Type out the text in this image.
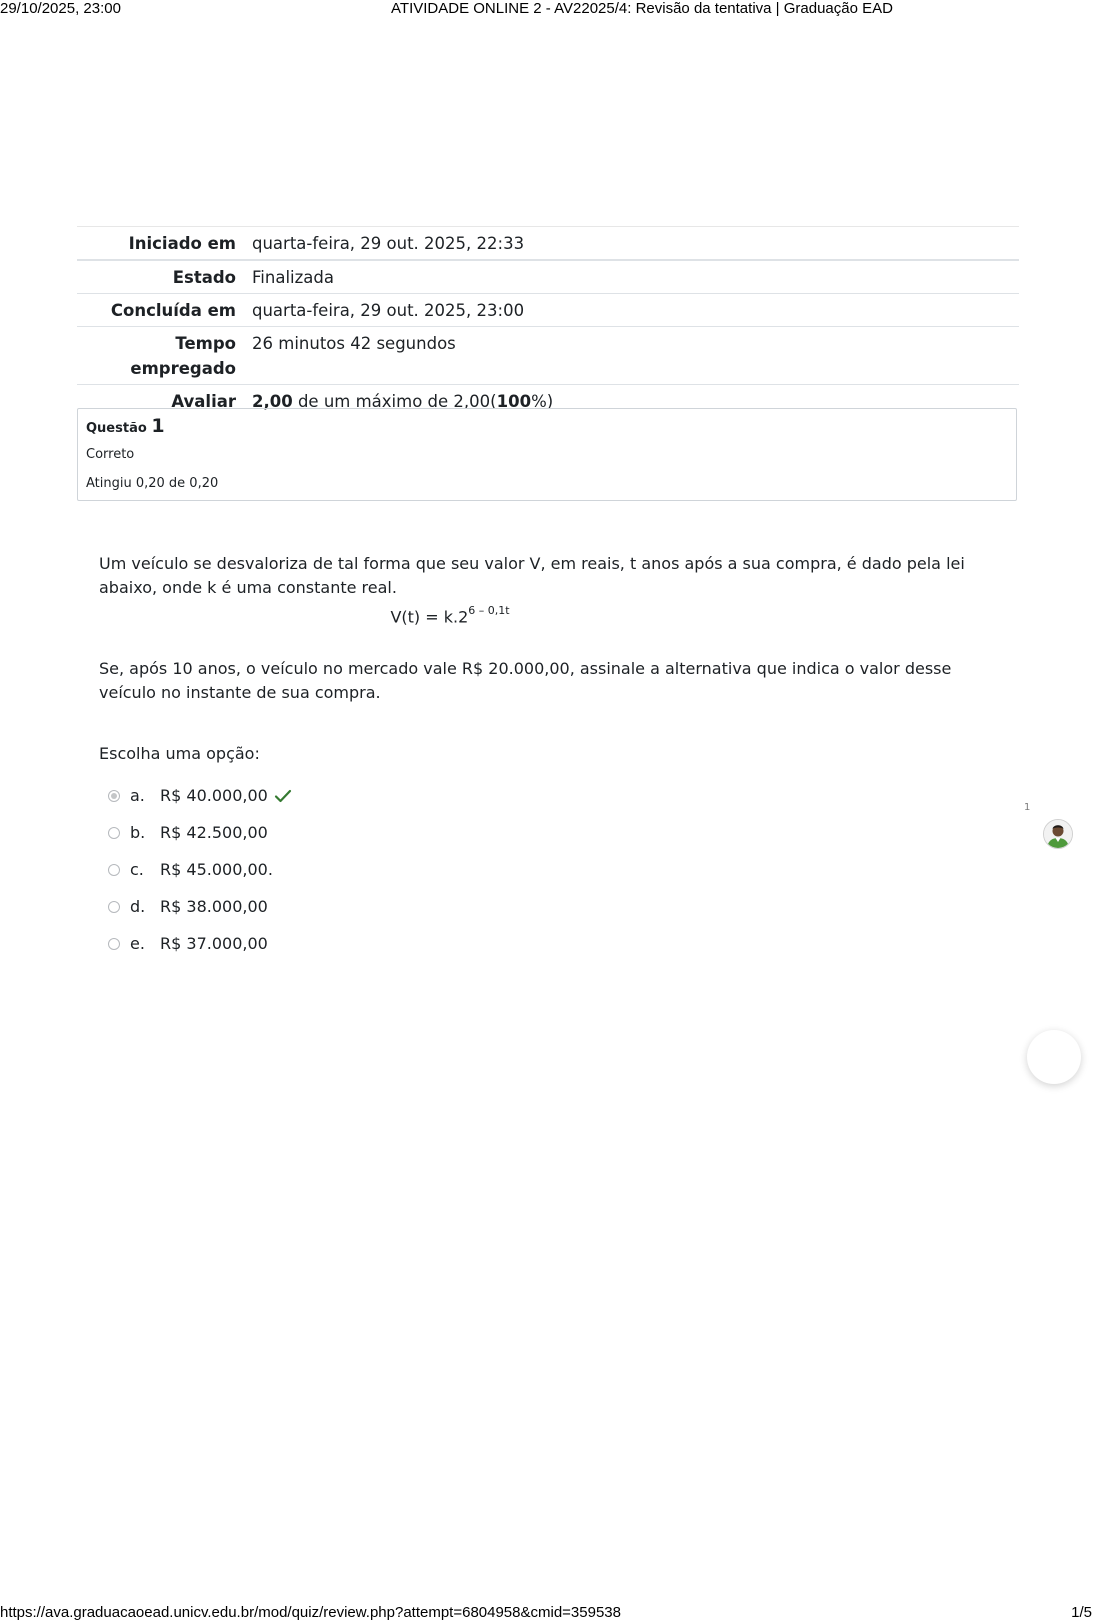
29/10/2025, 23:00	ATIVIDADE ONLINE 2 - AV22025/4: Revisão da tentativa | Graduação EAD
Iniciado em	quarta-feira, 29 out. 2025, 22:33
Estado	Finalizada
Concluída em	quarta-feira, 29 out. 2025, 23:00
Tempo
empregado	26 minutos 42 segundos
Avaliar	2,00 de um máximo de 2,00(100%)
Questão 1
Correto
Atingiu 0,20 de 0,20

Um veículo se desvaloriza de tal forma que seu valor V, em reais, t anos após a sua compra, é dado pela lei abaixo, onde k é uma constante real.

$V(t) = k.2^{6 - 0,1t}$

Se, após 10 anos, o veículo no mercado vale R$ 20.000,00, assinale a alternativa que indica o valor desse veículo no instante de sua compra.

Escolha uma opção:
a. R$ 40.000,00
b. R$ 42.500,00
c.	R$ 45.000,00.
d. R$ 38.000,00
e. R$ 37.000,00
1
https://ava.graduacaoead.unicv.edu.br/mod/quiz/review.php?attempt=6804958&cmid=359538	1/5
